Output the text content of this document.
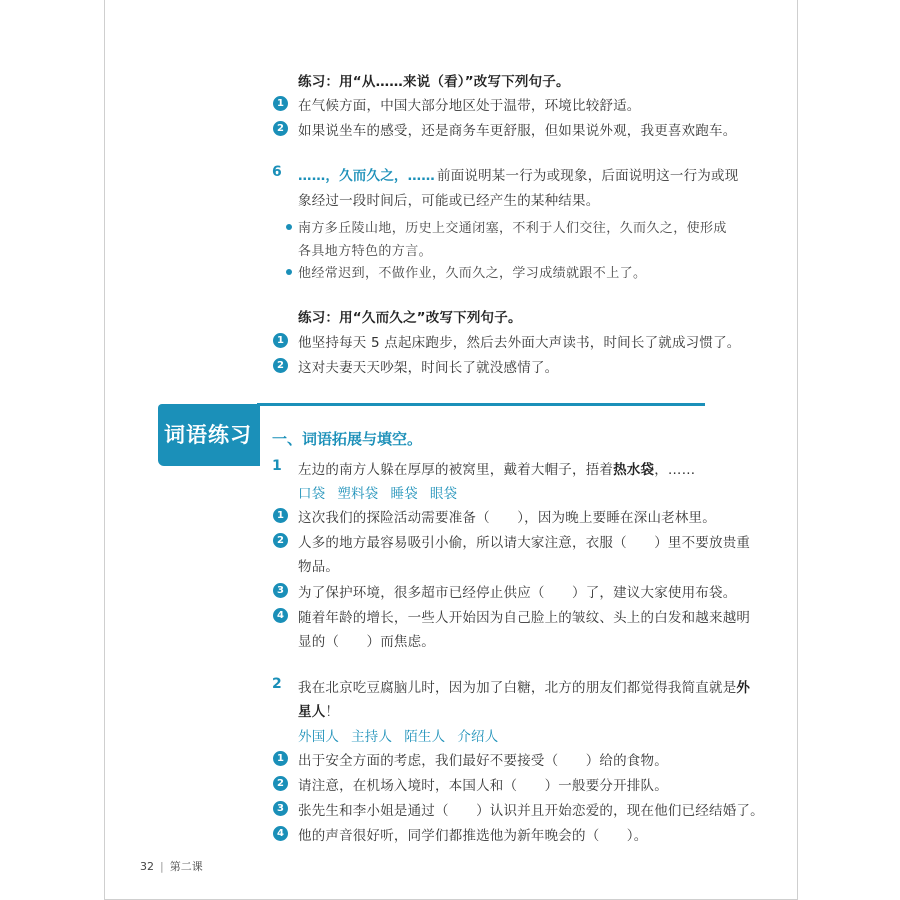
练习：用“从……来说（看）”改写下列句子。
1 在气候方面，中国大部分地区处于温带，环境比较舒适。
2 如果说坐车的感受，还是商务车更舒服，但如果说外观，我更喜欢跑车。
6 ……，久而久之，…… 前面说明某一行为或现象，后面说明这一行为或现
象经过一段时间后，可能或已经产生的某种结果。
南方多丘陵山地，历史上交通闭塞，不利于人们交往，久而久之，使形成
各具地方特色的方言。
他经常迟到，不做作业，久而久之，学习成绩就跟不上了。
练习：用“久而久之”改写下列句子。
1 他坚持每天 5 点起床跑步，然后去外面大声读书，时间长了就成习惯了。
2 这对夫妻天天吵架，时间长了就没感情了。
词语练习	一、词语拓展与填空。
1 左边的南方人躲在厚厚的被窝里，戴着大帽子，捂着热水袋，……
口袋 塑料袋 睡袋 眼袋
1 这次我们的探险活动需要准备（　　），因为晚上要睡在深山老林里。
2 人多的地方最容易吸引小偷，所以请大家注意，衣服（　　）里不要放贵重
物品。
3 为了保护环境，很多超市已经停止供应（　　）了，建议大家使用布袋。
4 随着年龄的增长，一些人开始因为自己脸上的皱纹、头上的白发和越来越明
显的（　　）而焦虑。
2 我在北京吃豆腐脑儿时，因为加了白糖，北方的朋友们都觉得我简直就是外
星人！
外国人 主持人 陌生人 介绍人
1 出于安全方面的考虑，我们最好不要接受（　　）给的食物。
2 请注意，在机场入境时，本国人和（　　）一般要分开排队。
3 张先生和李小姐是通过（　　）认识并且开始恋爱的，现在他们已经结婚了。
4 他的声音很好听，同学们都推选他为新年晚会的（　　）。
32 | 第二课
